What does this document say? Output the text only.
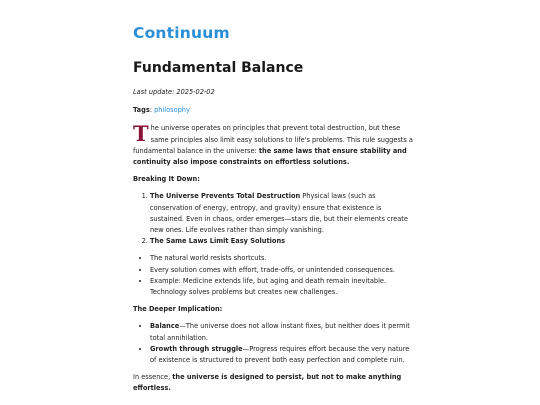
Continuum
Fundamental Balance

Last update: 2025-02-02

Tags: philosophy

The universe operates on principles that prevent total destruction, but these same principles also limit easy solutions to life's problems. This rule suggests a fundamental balance in the universe: the same laws that ensure stability and continuity also impose constraints on effortless solutions.

Breaking It Down:

1. The Universe Prevents Total Destruction Physical laws (such as conservation of energy, entropy, and gravity) ensure that existence is sustained. Even in chaos, order emerges—stars die, but their elements create new ones. Life evolves rather than simply vanishing.
2. The Same Laws Limit Easy Solutions
• The natural world resists shortcuts.
• Every solution comes with effort, trade-offs, or unintended consequences.
• Example: Medicine extends life, but aging and death remain inevitable. Technology solves problems but creates new challenges.

The Deeper Implication:

• Balance—The universe does not allow instant fixes, but neither does it permit total annihilation.
• Growth through struggle—Progress requires effort because the very nature of existence is structured to prevent both easy perfection and complete ruin.

In essence, the universe is designed to persist, but not to make anything effortless.
